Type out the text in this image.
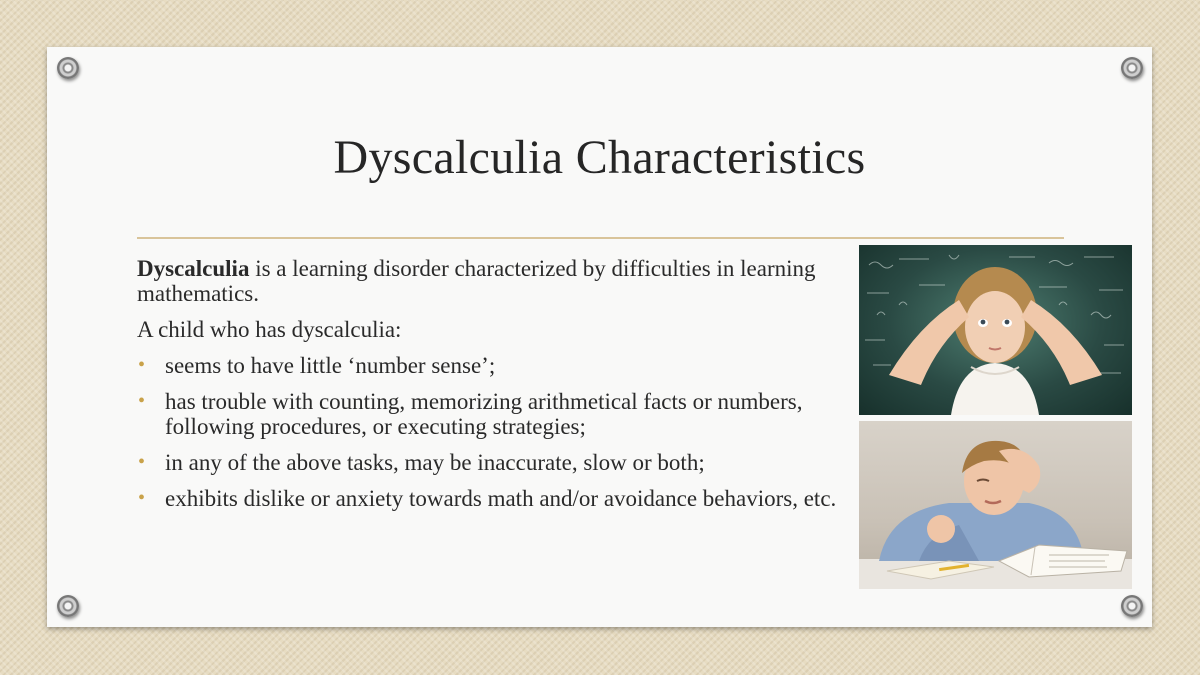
Dyscalculia Characteristics

Dyscalculia is a learning disorder characterized by difficulties in learning mathematics.

A child who has dyscalculia:

• seems to have little ‘number sense’;
• has trouble with counting, memorizing arithmetical facts or numbers, following procedures, or executing strategies;
• in any of the above tasks, may be inaccurate, slow or both;
• exhibits dislike or anxiety towards math and/or avoidance behaviors, etc.
